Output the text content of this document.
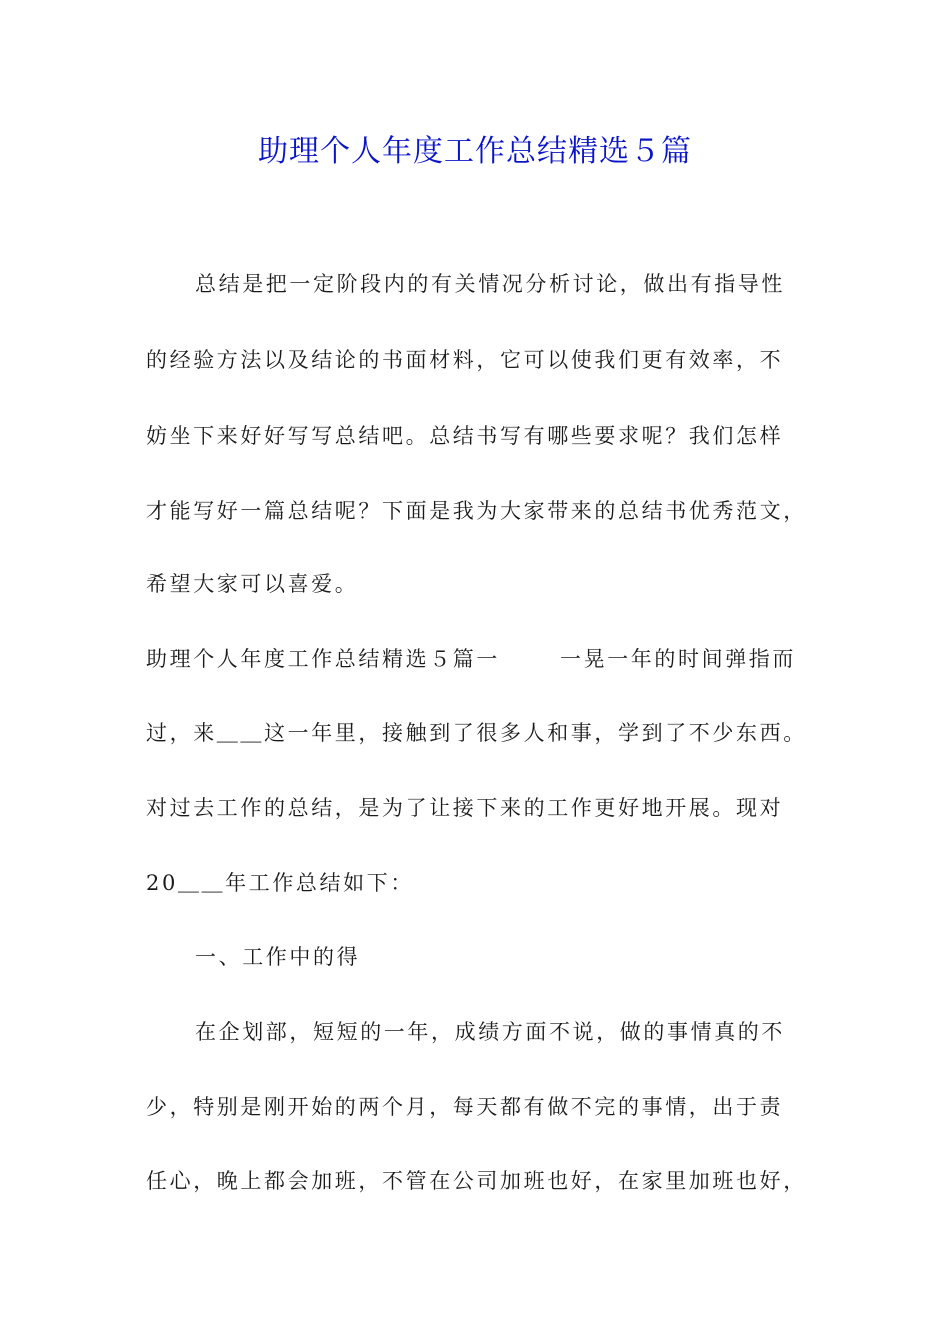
助理个人年度工作总结精选５篇
总结是把一定阶段内的有关情况分析讨论，做出有指导性
的经验方法以及结论的书面材料，它可以使我们更有效率，不
妨坐下来好好写写总结吧。总结书写有哪些要求呢？我们怎样
才能写好一篇总结呢？下面是我为大家带来的总结书优秀范文，
希望大家可以喜爱。
助理个人年度工作总结精选５篇一	一晃一年的时间弹指而
过，来＿＿这一年里，接触到了很多人和事，学到了不少东西。
对过去工作的总结，是为了让接下来的工作更好地开展。现对
20＿＿年工作总结如下：
一、工作中的得
在企划部，短短的一年，成绩方面不说，做的事情真的不
少，特别是刚开始的两个月，每天都有做不完的事情，出于责
任心，晚上都会加班，不管在公司加班也好，在家里加班也好，
